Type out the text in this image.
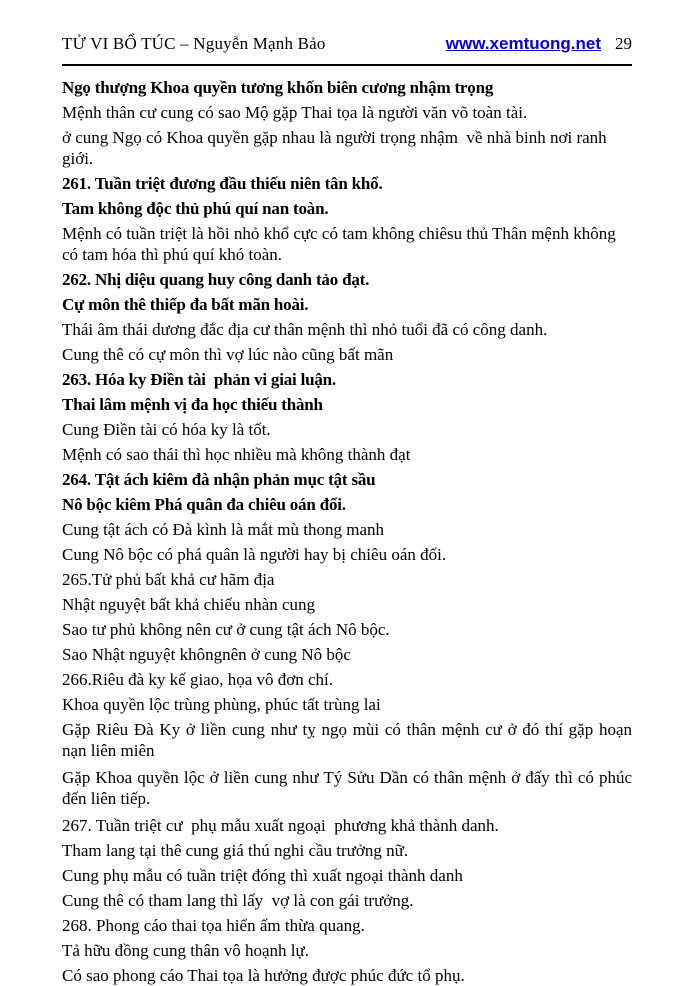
TỬ VI BỔ TÚC – Nguyễn Mạnh Bảo	www.xemtuong.net 29

Ngọ thượng Khoa quyền tương khốn biên cương nhậm trọng

Mệnh thân cư cung có sao Mộ gặp Thai tọa là người văn võ toàn tài.

ở cung Ngọ có Khoa quyền gặp nhau là người trọng nhậm  về nhà binh nơi ranh giới.

261. Tuần triệt đương đầu thiếu niên tân khổ.

Tam không độc thủ phú quí nan toàn.

Mệnh có tuần triệt là hồi nhỏ khổ cực có tam không chiêsu thủ Thân mệnh không có tam hóa thì phú quí khó toàn.

262. Nhị diệu quang huy công danh tảo đạt.

Cự môn thê thiếp đa bất mãn hoài.

Thái âm thái dương đắc địa cư thân mệnh thì nhỏ tuổi đã có công danh.

Cung thê có cự môn thì vợ lúc nào cũng bất mãn

263. Hóa ky Điền tài  phản vi giai luận.

Thai lâm mệnh vị đa học thiếu thành

Cung Điền tài có hóa ky là tốt.

Mệnh có sao thái thì học nhiều mà không thành đạt

264. Tật ách kiêm đà nhận phản mục tật sầu

Nô bộc kiêm Phá quân đa chiêu oán đối.

Cung tật ách có Đà kình là mắt mù thong manh

Cung Nô bộc có phá quân là người hay bị chiêu oán đối.

265.Tử phủ bất khả cư hãm địa

Nhật nguyệt bất khả chiếu nhàn cung

Sao tư phủ không nên cư ở cung tật ách Nô bộc.

Sao Nhật nguyệt khôngnên ở cung Nô bộc

266.Riêu đà ky kế giao, họa vô đơn chí.

Khoa quyền lộc trùng phùng, phúc tất trùng lai

Gặp Riêu Đà Ky ở liền cung như tỵ ngọ mùi có thân mệnh cư ở đó thí gặp hoạn nạn liên miên

Gặp Khoa quyền lộc ở liền cung như Tý Sửu Dần có thân mệnh ở đấy thì có phúc đến liên tiếp.

267. Tuần triệt cư  phụ mẫu xuất ngoại  phương khả thành danh.

Tham lang tại thê cung giá thú nghi cầu trưởng nữ.

Cung phụ mẫu có tuần triệt đóng thì xuất ngoại thành danh

Cung thê có tham lang thì lấy  vợ là con gái trưởng.

268. Phong cáo thai tọa hiển ấm thừa quang.

Tả hữu đồng cung thân vô hoạnh lự.

Có sao phong cáo Thai tọa là hưởng được phúc đức tổ phụ.
